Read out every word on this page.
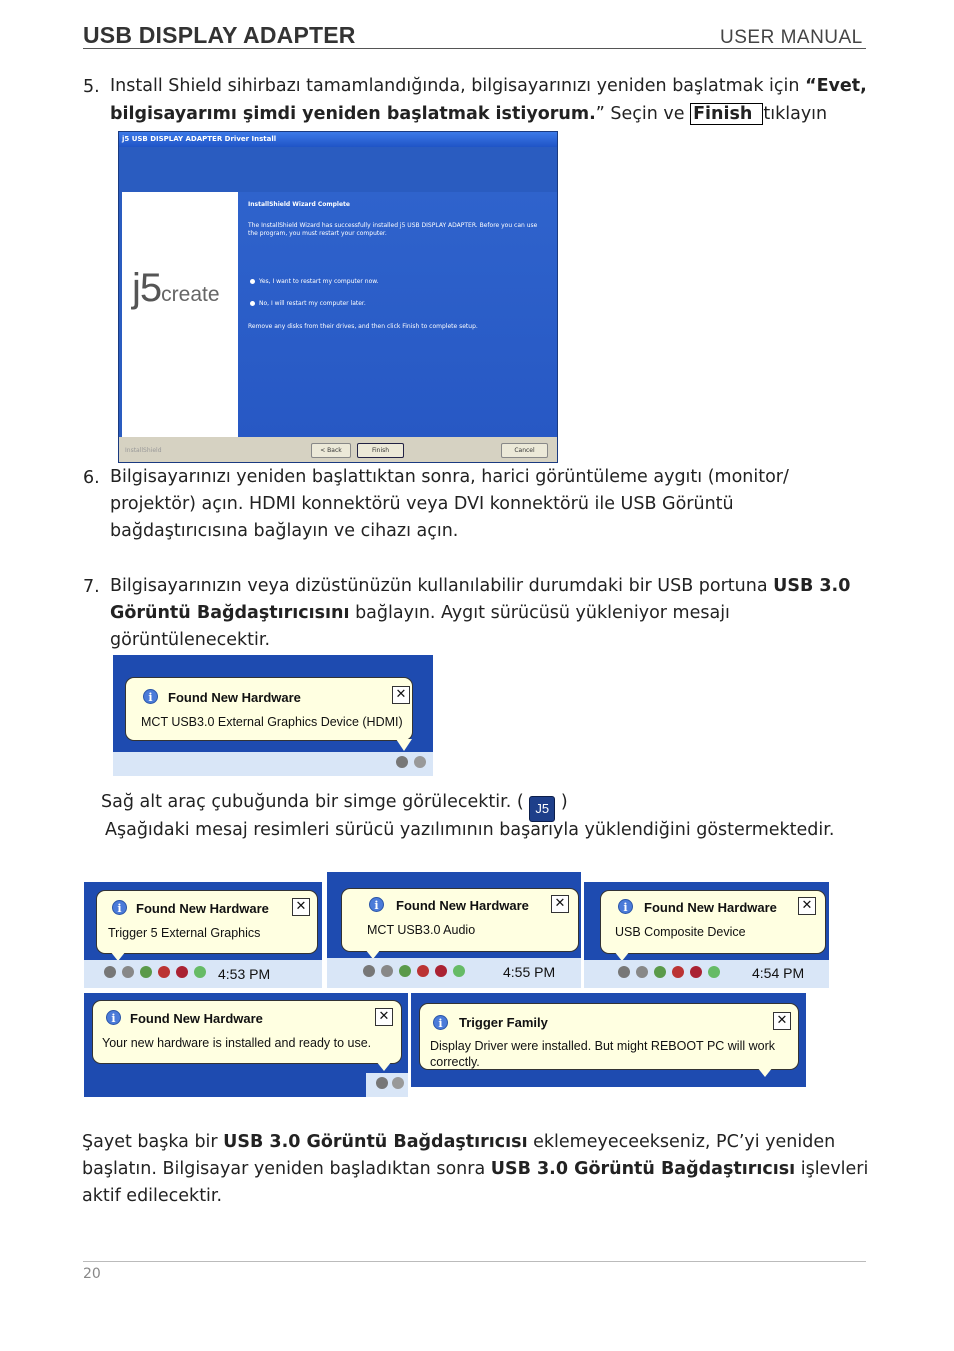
USB DISPLAY ADAPTER	USER MANUAL
5. Install Shield sihirbazı tamamlandığında, bilgisayarınızı yeniden başlatmak için “Evet,
bilgisayarımı şimdi yeniden başlatmak istiyorum.” Seçin ve Finish tıklayın
j5 USB DISPLAY ADAPTER Driver Install
j5create
InstallShield Wizard Complete
The InstallShield Wizard has successfully installed j5 USB DISPLAY ADAPTER. Before you can use the program, you must restart your computer.
Yes, I want to restart my computer now.
No, I will restart my computer later.
Remove any disks from their drives, and then click Finish to complete setup.
InstallShield	< Back	Finish	Cancel
6. Bilgisayarınızı yeniden başlattıktan sonra, harici görüntüleme aygıtı (monitor/
projektör) açın. HDMI konnektörü veya DVI konnektörü ile USB Görüntü
bağdaştırıcısına bağlayın ve cihazı açın.
7. Bilgisayarınızın veya dizüstünüzün kullanılabilir durumdaki bir USB portuna USB 3.0
Görüntü Bağdaştırıcısını bağlayın. Aygıt sürücüsü yükleniyor mesajı
görüntülenecektir.
i	Found New Hardware	✕
MCT USB3.0 External Graphics Device (HDMI)
Sağ alt araç çubuğunda bir simge görülecektir. ( J5 )
Aşağıdaki mesaj resimleri sürücü yazılımının başarıyla yüklendiğini göstermektedir.
i	Found New Hardware ✕
Trigger 5 External Graphics
4:53 PM
i	Found New Hardware ✕
MCT USB3.0 Audio
4:55 PM
i	Found New Hardware ✕
USB Composite Device
4:54 PM
i	Found New Hardware	✕
Your new hardware is installed and ready to use.
i	Trigger Family	✕
Display Driver were installed. But might REBOOT PC will work
correctly.
Şayet başka bir USB 3.0 Görüntü Bağdaştırıcısı eklemeyeceekseniz, PC’yi yeniden
başlatın. Bilgisayar yeniden başladıktan sonra USB 3.0 Görüntü Bağdaştırıcısı işlevleri
aktif edilecektir.
20
